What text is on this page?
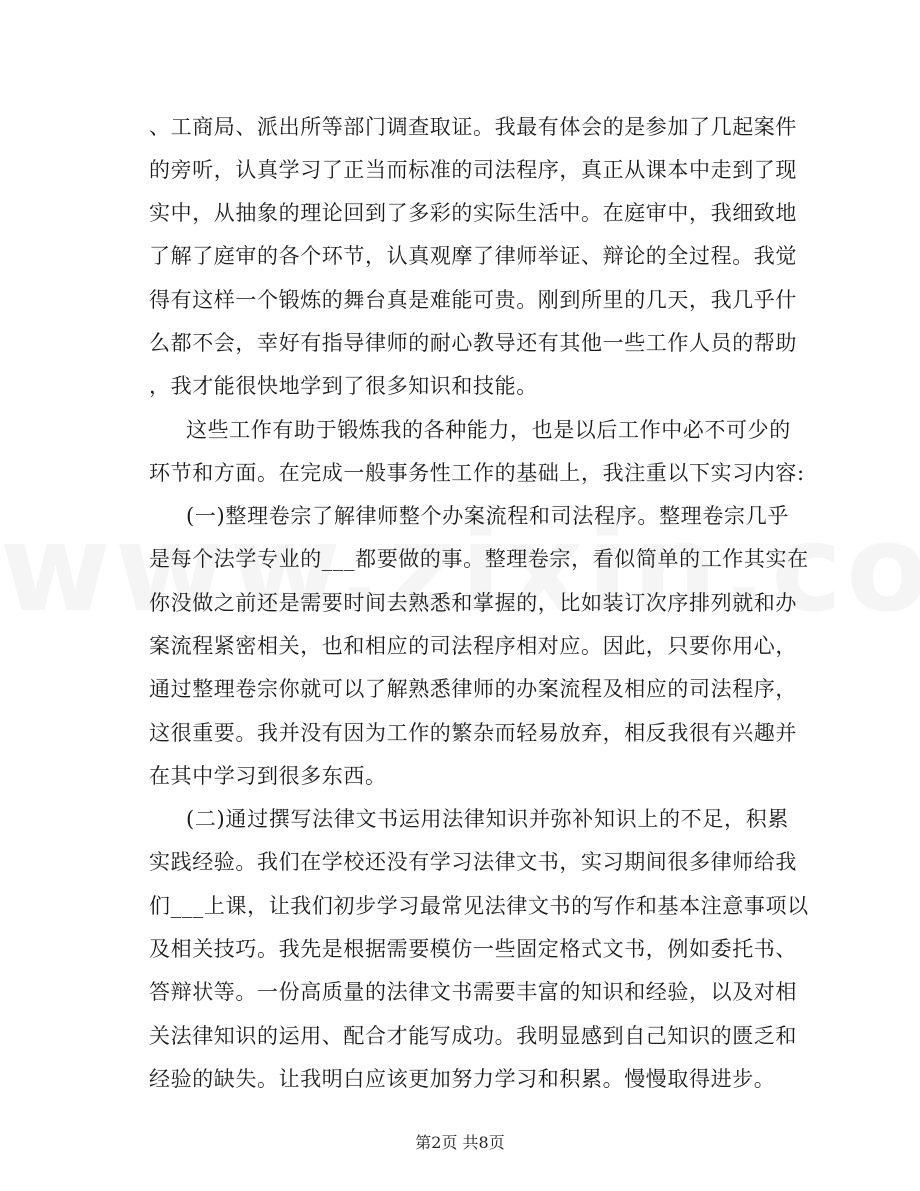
、工商局、派出所等部门调查取证。我最有体会的是参加了几起案件
的旁听，认真学习了正当而标准的司法程序，真正从课本中走到了现
实中，从抽象的理论回到了多彩的实际生活中。在庭审中，我细致地
了解了庭审的各个环节，认真观摩了律师举证、辩论的全过程。我觉
得有这样一个锻炼的舞台真是难能可贵。刚到所里的几天，我几乎什
么都不会，幸好有指导律师的耐心教导还有其他一些工作人员的帮助
，我才能很快地学到了很多知识和技能。
这些工作有助于锻炼我的各种能力，也是以后工作中必不可少的
环节和方面。在完成一般事务性工作的基础上，我注重以下实习内容:
(一)整理卷宗了解律师整个办案流程和司法程序。整理卷宗几乎
是每个法学专业的___都要做的事。整理卷宗，看似简单的工作其实在
你没做之前还是需要时间去熟悉和掌握的，比如装订次序排列就和办
案流程紧密相关，也和相应的司法程序相对应。因此，只要你用心，
通过整理卷宗你就可以了解熟悉律师的办案流程及相应的司法程序，
这很重要。我并没有因为工作的繁杂而轻易放弃，相反我很有兴趣并
在其中学习到很多东西。
(二)通过撰写法律文书运用法律知识并弥补知识上的不足，积累
实践经验。我们在学校还没有学习法律文书，实习期间很多律师给我
们___上课，让我们初步学习最常见法律文书的写作和基本注意事项以
及相关技巧。我先是根据需要模仿一些固定格式文书，例如委托书、
答辩状等。一份高质量的法律文书需要丰富的知识和经验，以及对相
关法律知识的运用、配合才能写成功。我明显感到自己知识的匮乏和
经验的缺失。让我明白应该更加努力学习和积累。慢慢取得进步。
第2页 共8页
